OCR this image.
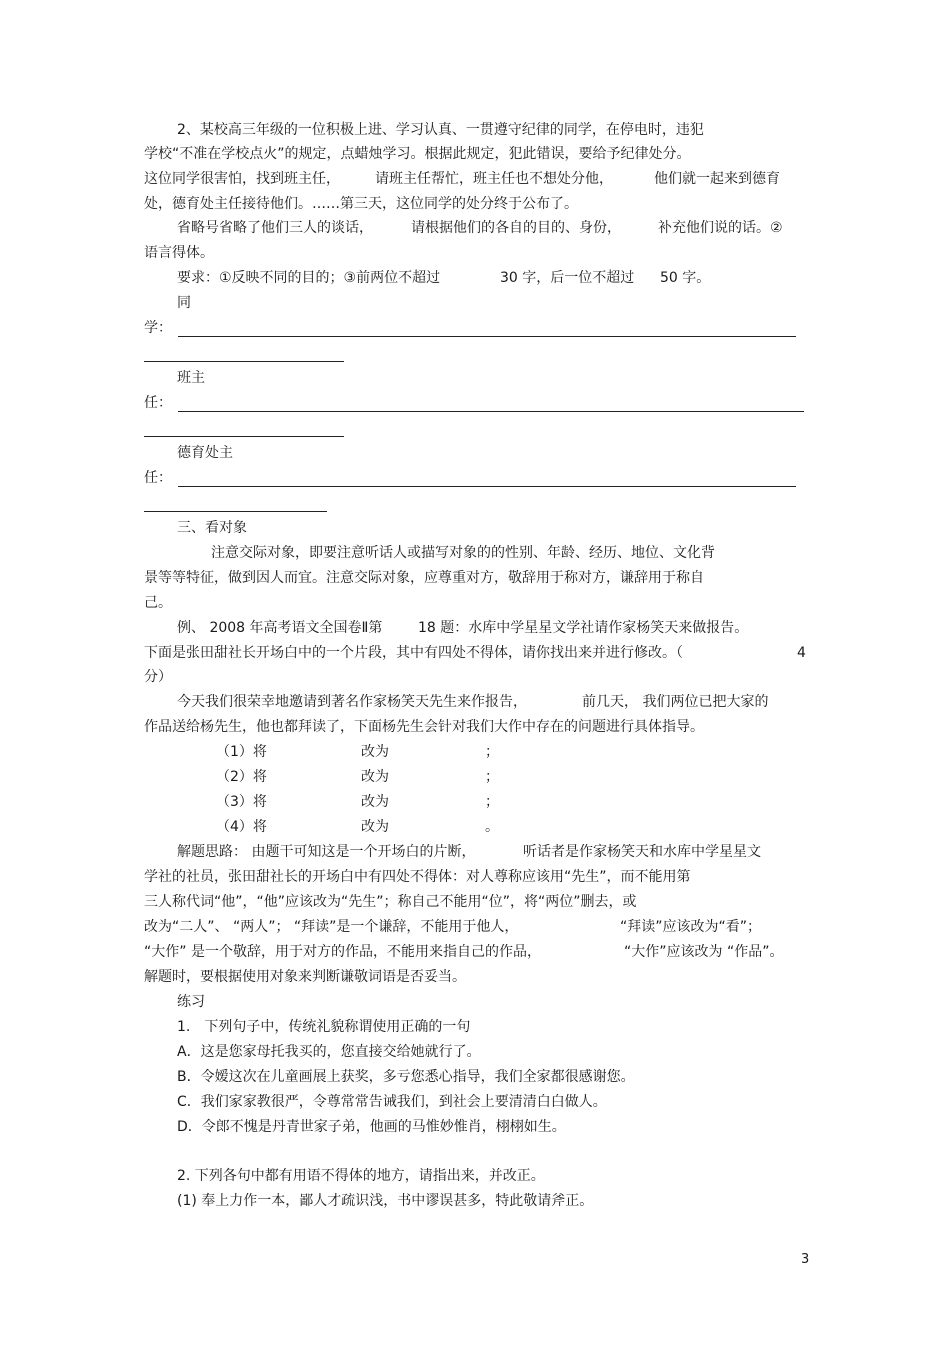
2、某校高三年级的一位积极上进、学习认真、一贯遵守纪律的同学，在停电时，违犯
学校“不准在学校点火”的规定，点蜡烛学习。根据此规定，犯此错误，要给予纪律处分。
这位同学很害怕，找到班主任，	请班主任帮忙，班主任也不想处分他，	他们就一起来到德育
处，德育处主任接待他们。……第三天，这位同学的处分终于公布了。
省略号省略了他们三人的谈话，	请根据他们的各自的目的、身份，	补充他们说的话。②
语言得体。
要求：①反映不同的目的；③前两位不超过	30 字，后一位不超过 50 字。
同
学：
班主
任：
德育处主
任：
三、看对象
注意交际对象，即要注意听话人或描写对象的的性别、年龄、经历、地位、文化背
景等等特征，做到因人而宜。注意交际对象，应尊重对方，敬辞用于称对方，谦辞用于称自
己。
例、 2008 年高考语文全国卷Ⅱ第	18 题：水库中学星星文学社请作家杨笑天来做报告。
下面是张田甜社长开场白中的一个片段，其中有四处不得体，请你找出来并进行修改。（	4
分）
今天我们很荣幸地邀请到著名作家杨笑天先生来作报告，	前几天， 我们两位已把大家的
作品送给杨先生，他也都拜读了，下面杨先生会针对我们大作中存在的问题进行具体指导。
（1）将	改为	；
（2）将	改为	；
（3）将	改为	；
（4）将	改为	。
解题思路： 由题干可知这是一个开场白的片断，	听话者是作家杨笑天和水库中学星星文
学社的社员，张田甜社长的开场白中有四处不得体：对人尊称应该用“先生”，而不能用第
三人称代词“他”，“他”应该改为“先生”；称自己不能用“位”，将“两位”删去，或
改为“二人”、 “两人”； “拜读”是一个谦辞，不能用于他人，	“拜读”应该改为“看”；
“大作” 是一个敬辞，用于对方的作品，不能用来指自己的作品，	“大作”应该改为 “作品”。
解题时，要根据使用对象来判断谦敬词语是否妥当。
练习
1.　下列句子中，传统礼貌称谓使用正确的一句
A．这是您家母托我买的，您直接交给她就行了。
B．令嫒这次在儿童画展上获奖，多亏您悉心指导，我们全家都很感谢您。
C．我们家家教很严，令尊常常告诫我们，到社会上要清清白白做人。
D．令郎不愧是丹青世家子弟，他画的马惟妙惟肖，栩栩如生。
2. 下列各句中都有用语不得体的地方，请指出来，并改正。
(1) 奉上力作一本，鄙人才疏识浅，书中谬误甚多，特此敬请斧正。
3
